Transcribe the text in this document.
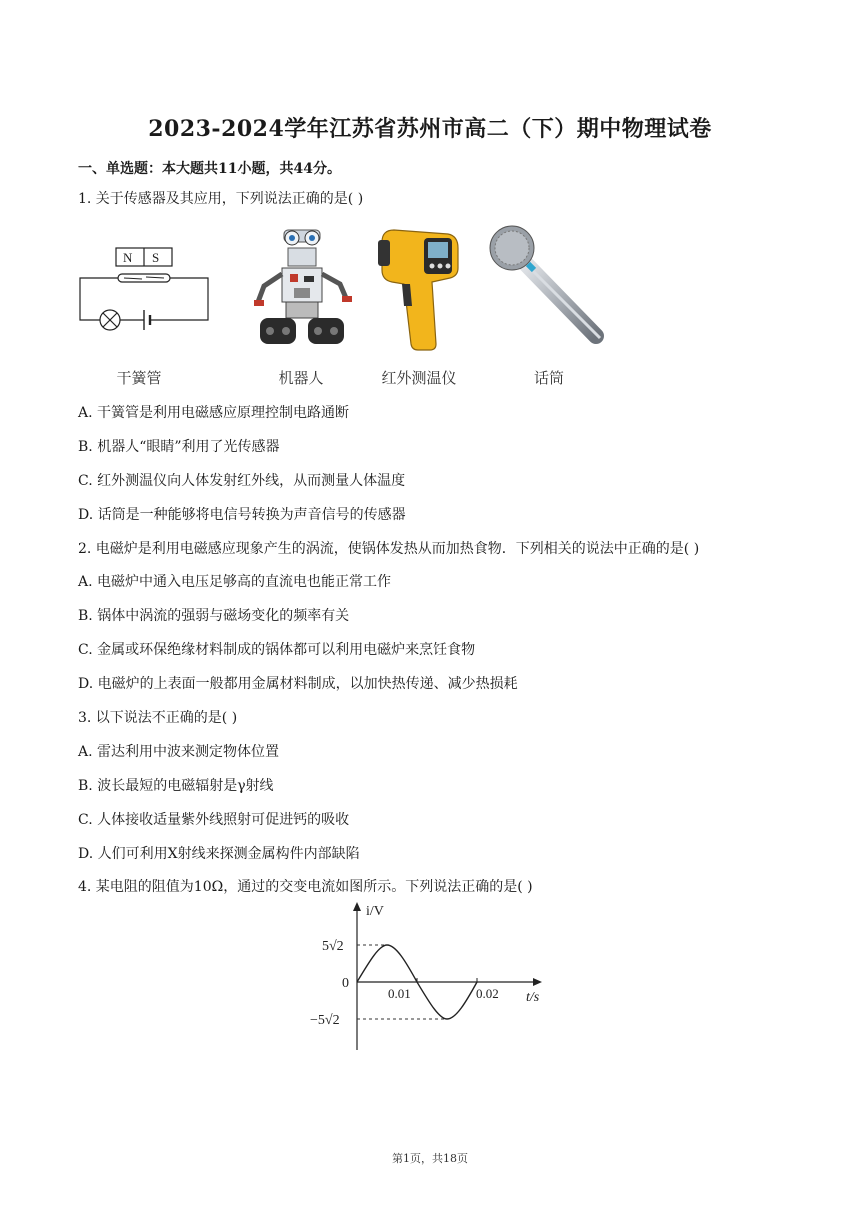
2023-2024学年江苏省苏州市高二（下）期中物理试卷
一、单选题：本大题共11小题，共44分。
1. 关于传感器及其应用，下列说法正确的是( )
N S
干簧管	机器人	红外测温仪	话筒
A. 干簧管是利用电磁感应原理控制电路通断
B. 机器人“眼睛”利用了光传感器
C. 红外测温仪向人体发射红外线，从而测量人体温度
D. 话筒是一种能够将电信号转换为声音信号的传感器
2. 电磁炉是利用电磁感应现象产生的涡流，使锅体发热从而加热食物．下列相关的说法中正确的是( )
A. 电磁炉中通入电压足够高的直流电也能正常工作
B. 锅体中涡流的强弱与磁场变化的频率有关
C. 金属或环保绝缘材料制成的锅体都可以利用电磁炉来烹饪食物
D. 电磁炉的上表面一般都用金属材料制成，以加快热传递、减少热损耗
3. 以下说法不正确的是( )
A. 雷达利用中波来测定物体位置
B. 波长最短的电磁辐射是γ射线
C. 人体接收适量紫外线照射可促进钙的吸收
D. 人们可利用X射线来探测金属构件内部缺陷
4. 某电阻的阻值为10Ω，通过的交变电流如图所示。下列说法正确的是( )
i/V
t/s
0
5√2
−5√2
0.01	0.02
第1页，共18页
